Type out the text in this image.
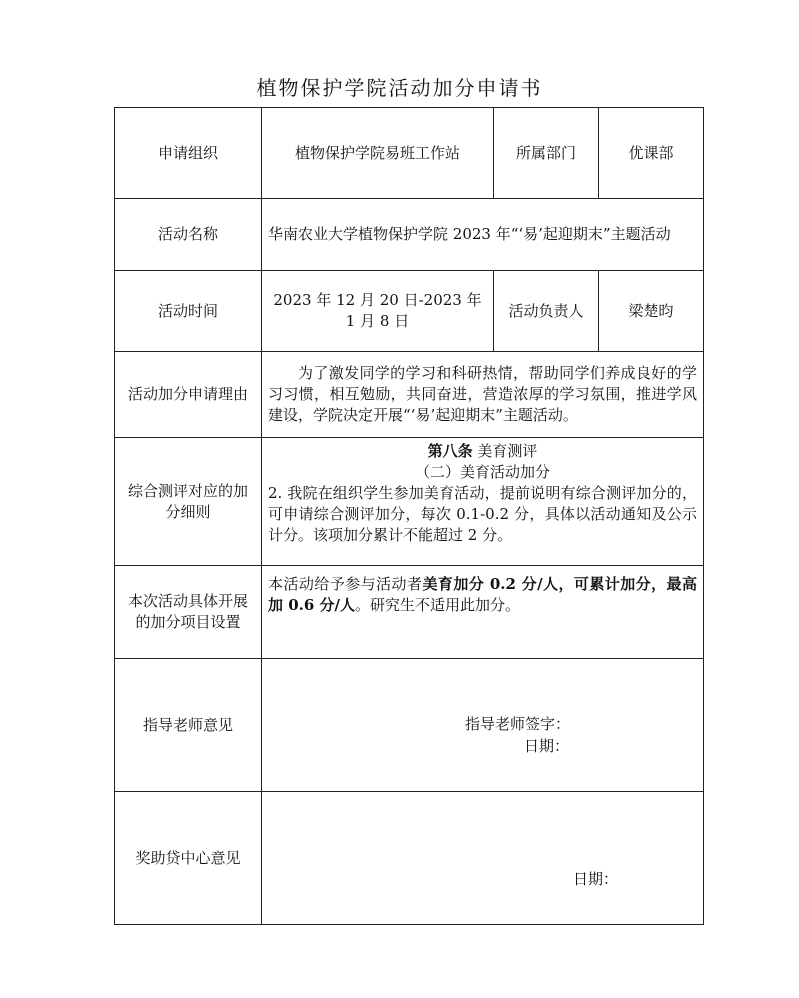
植物保护学院活动加分申请书
申请组织	植物保护学院易班工作站	所属部门	优课部
活动名称	华南农业大学植物保护学院 2023 年“‘易’起迎期末”主题活动		
活动时间	2023 年 12 月 20 日-2023 年 1 月 8 日	活动负责人	梁楚昀
活动加分申请理由	为了激发同学的学习和科研热情，帮助同学们养成良好的学习习惯，相互勉励，共同奋进，营造浓厚的学习氛围，推进学风建设，学院决定开展“‘易’起迎期末”主题活动。		
综合测评对应的加分细则	第八条 美育测评
（二）美育活动加分
2. 我院在组织学生参加美育活动，提前说明有综合测评加分的，可申请综合测评加分，每次 0.1-0.2 分，具体以活动通知及公示计分。该项加分累计不能超过 2 分。		

本次活动具体开展的加分项目设置	本活动给予参与活动者美育加分 0.2 分/人，可累计加分，最高加 0.6 分/人。研究生不适用此加分。		
指导老师意见	指导老师签字：
日期：		

奖助贷中心意见	日期：		
